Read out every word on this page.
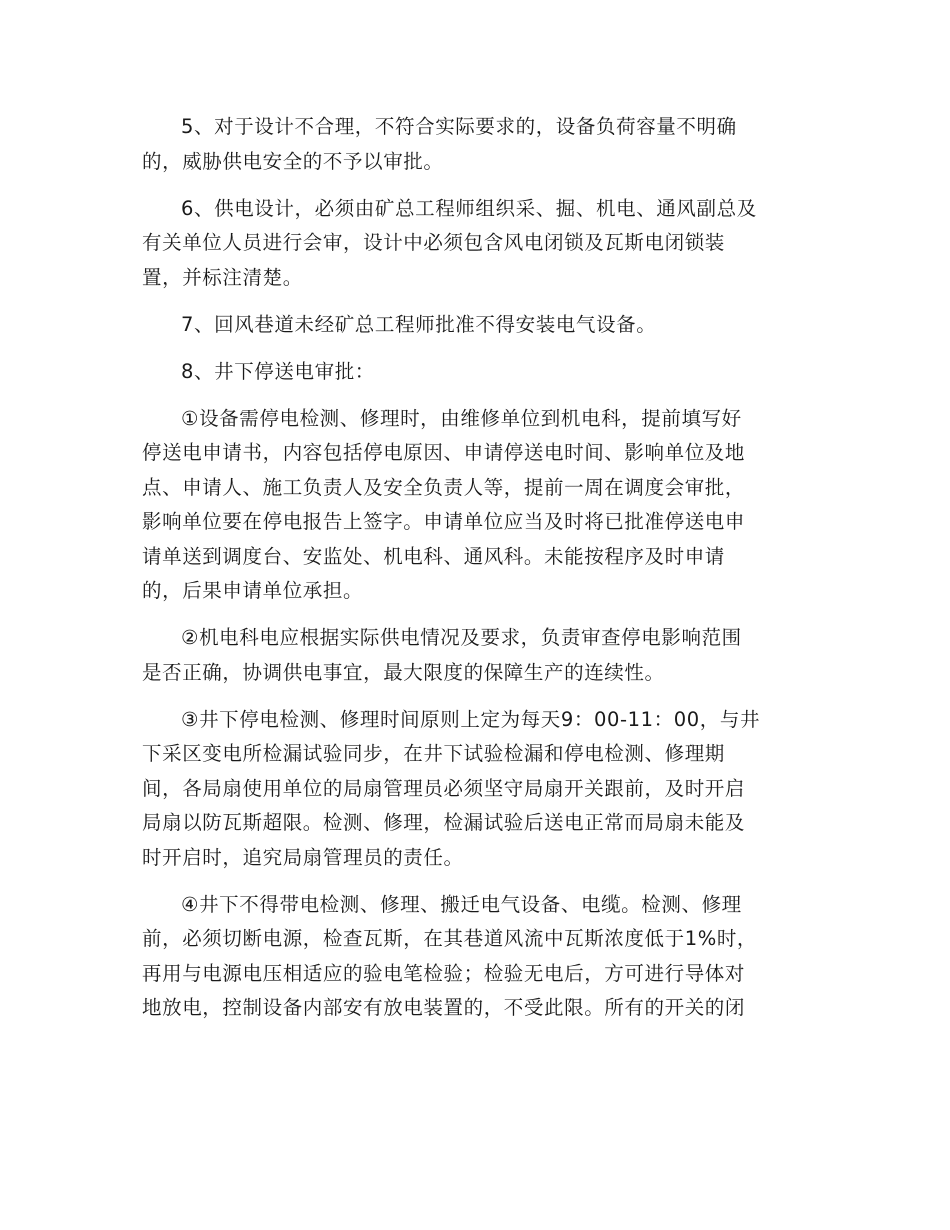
5、对于设计不合理，不符合实际要求的，设备负荷容量不明确
的，威胁供电安全的不予以审批。

6、供电设计，必须由矿总工程师组织采、掘、机电、通风副总及
有关单位人员进行会审，设计中必须包含风电闭锁及瓦斯电闭锁装
置，并标注清楚。

7、回风巷道未经矿总工程师批准不得安装电气设备。

8、井下停送电审批：

①设备需停电检测、修理时，由维修单位到机电科，提前填写好
停送电申请书，内容包括停电原因、申请停送电时间、影响单位及地
点、申请人、施工负责人及安全负责人等，提前一周在调度会审批，
影响单位要在停电报告上签字。申请单位应当及时将已批准停送电申
请单送到调度台、安监处、机电科、通风科。未能按程序及时申请
的，后果申请单位承担。

②机电科电应根据实际供电情况及要求，负责审查停电影响范围
是否正确，协调供电事宜，最大限度的保障生产的连续性。

③井下停电检测、修理时间原则上定为每天9：00-11：00，与井
下采区变电所检漏试验同步，在井下试验检漏和停电检测、修理期
间，各局扇使用单位的局扇管理员必须坚守局扇开关跟前，及时开启
局扇以防瓦斯超限。检测、修理，检漏试验后送电正常而局扇未能及
时开启时，追究局扇管理员的责任。

④井下不得带电检测、修理、搬迁电气设备、电缆。检测、修理
前，必须切断电源，检查瓦斯，在其巷道风流中瓦斯浓度低于1%时，
再用与电源电压相适应的验电笔检验；检验无电后，方可进行导体对
地放电，控制设备内部安有放电装置的，不受此限。所有的开关的闭
